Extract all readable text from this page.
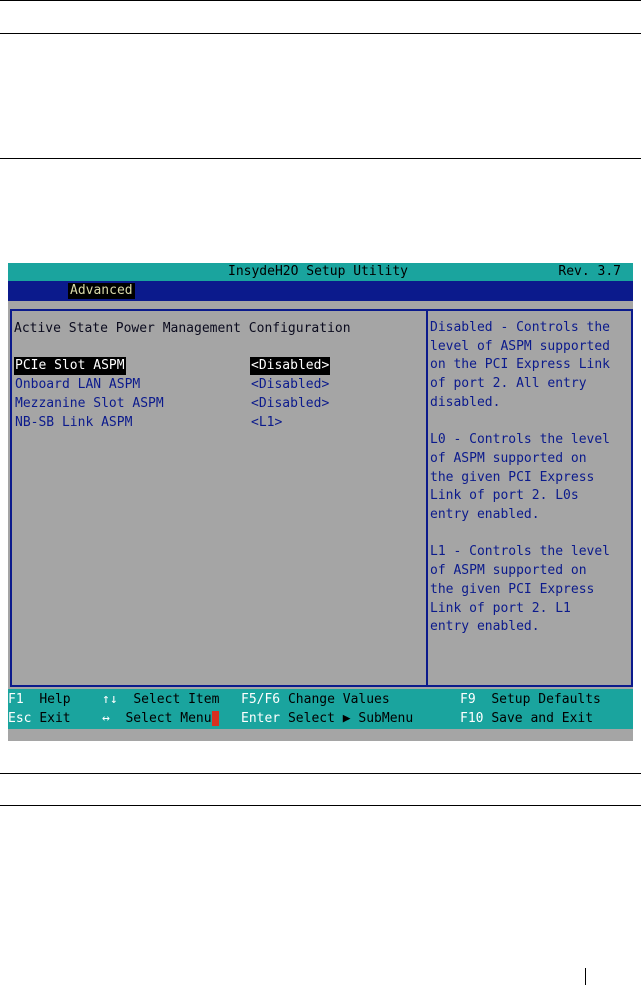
InsydeH2O Setup Utility	Rev. 3.7
Advanced
Active State Power Management Configuration
PCIe Slot ASPM	<Disabled>
Onboard LAN ASPM	<Disabled>
Mezzanine Slot ASPM	<Disabled>
NB-SB Link ASPM	<L1>
Disabled - Controls the
level of ASPM supported
on the PCI Express Link
of port 2. All entry
disabled.

L0 - Controls the level
of ASPM supported on
the given PCI Express
Link of port 2. L0s
entry enabled.

L1 - Controls the level
of ASPM supported on
the given PCI Express
Link of port 2. L1
entry enabled.
F1 Help
Esc Exit
↑↓ Select Item
↔ Select Menu
F5/F6 Change Values
Enter Select ▶ SubMenu
F9 Setup Defaults
F10 Save and Exit
